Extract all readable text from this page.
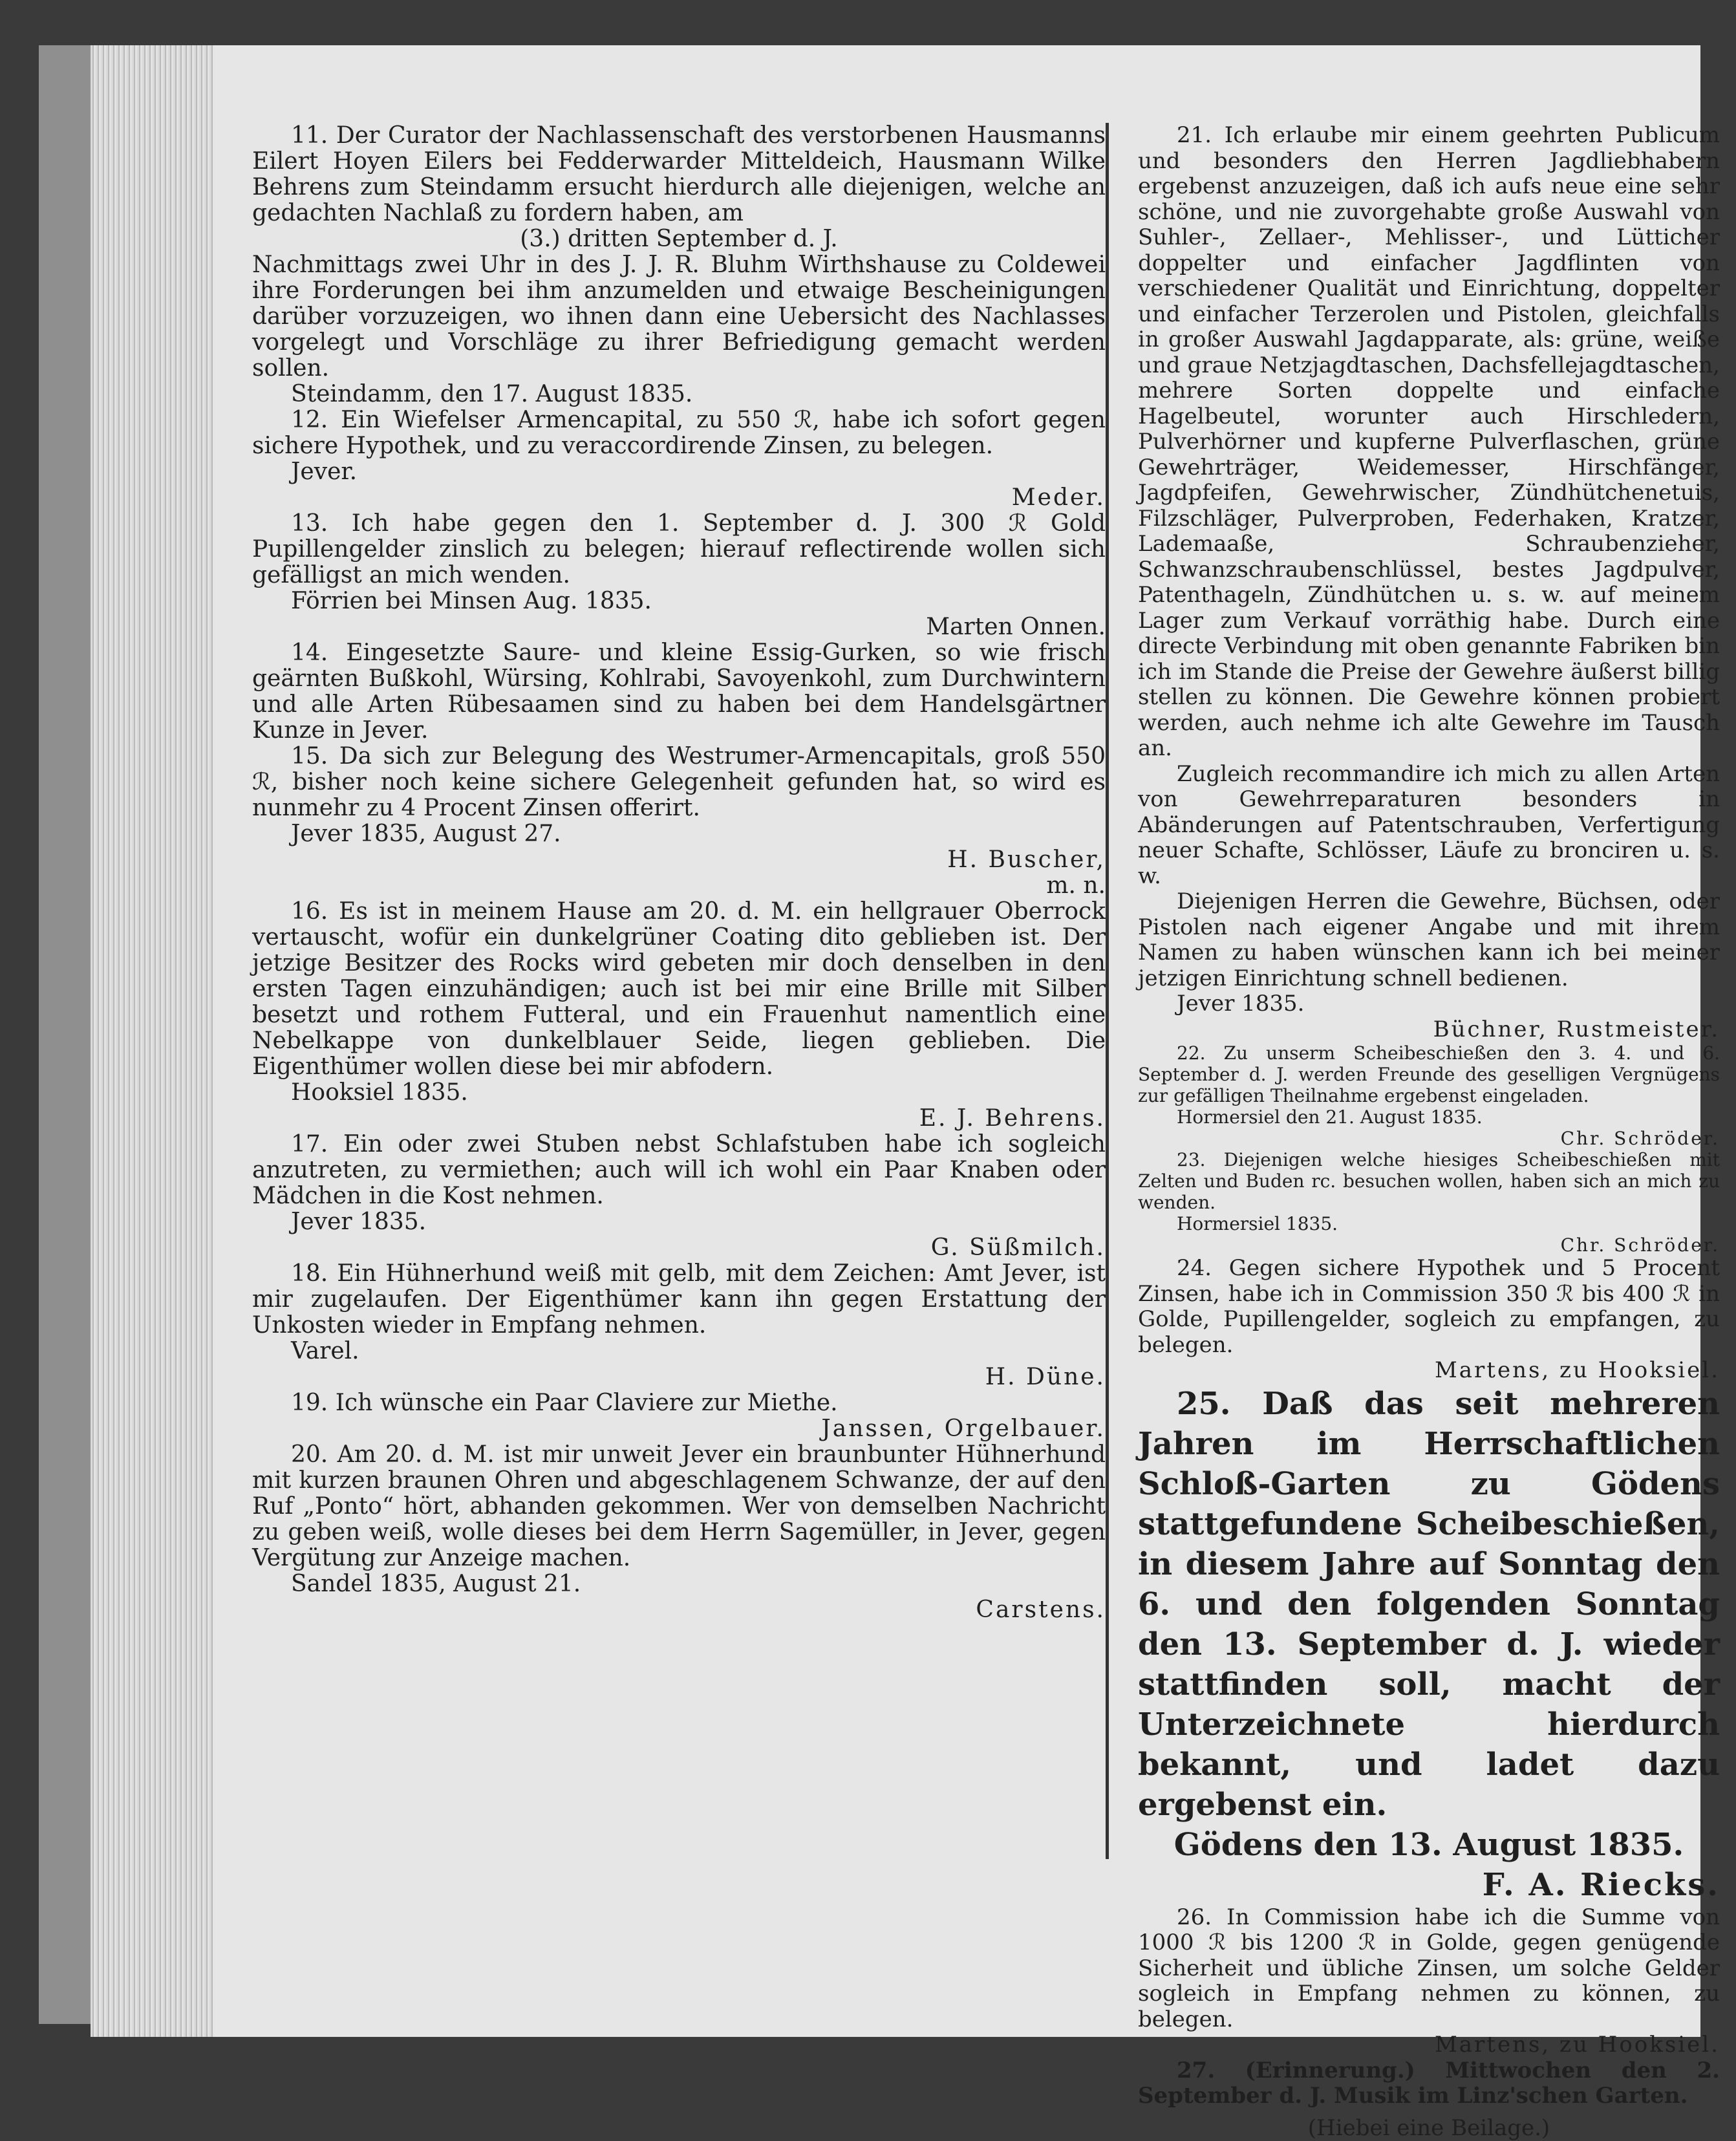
11. Der Curator der Nachlassenschaft des verstorbenen Hausmanns Eilert Hoyen Eilers bei Fedderwarder Mitteldeich, Hausmann Wilke Behrens zum Steindamm ersucht hierdurch alle diejenigen, welche an gedachten Nachlaß zu fordern haben, am

(3.) dritten September d. J.

Nachmittags zwei Uhr in des J. J. R. Bluhm Wirthshause zu Coldewei ihre Forderungen bei ihm anzumelden und etwaige Bescheinigungen darüber vorzuzeigen, wo ihnen dann eine Uebersicht des Nachlasses vorgelegt und Vorschläge zu ihrer Befriedigung gemacht werden sollen.

Steindamm, den 17. August 1835.

12. Ein Wiefelser Armencapital, zu 550 ℛ, habe ich sofort gegen sichere Hypothek, und zu veraccordirende Zinsen, zu belegen.

Jever.

Meder.

13. Ich habe gegen den 1. September d. J. 300 ℛ Gold Pupillengelder zinslich zu belegen; hierauf reflectirende wollen sich gefälligst an mich wenden.

Förrien bei Minsen Aug. 1835.

Marten Onnen.

14. Eingesetzte Saure- und kleine Essig-Gurken, so wie frisch geärnten Bußkohl, Würsing, Kohlrabi, Savoyenkohl, zum Durchwintern und alle Arten Rübesaamen sind zu haben bei dem Handelsgärtner Kunze in Jever.

15. Da sich zur Belegung des Westrumer-Armencapitals, groß 550 ℛ, bisher noch keine sichere Gelegenheit gefunden hat, so wird es nunmehr zu 4 Procent Zinsen offerirt.

Jever 1835, August 27.

H. Buscher,

m. n.

16. Es ist in meinem Hause am 20. d. M. ein hellgrauer Oberrock vertauscht, wofür ein dunkelgrüner Coating dito geblieben ist. Der jetzige Besitzer des Rocks wird gebeten mir doch denselben in den ersten Tagen einzuhändigen; auch ist bei mir eine Brille mit Silber besetzt und rothem Futteral, und ein Frauenhut namentlich eine Nebelkappe von dunkelblauer Seide, liegen geblieben. Die Eigenthümer wollen diese bei mir abfodern.

Hooksiel 1835.

E. J. Behrens.

17. Ein oder zwei Stuben nebst Schlafstuben habe ich sogleich anzutreten, zu vermiethen; auch will ich wohl ein Paar Knaben oder Mädchen in die Kost nehmen.

Jever 1835.

G. Süßmilch.

18. Ein Hühnerhund weiß mit gelb, mit dem Zeichen: Amt Jever, ist mir zugelaufen. Der Eigenthümer kann ihn gegen Erstattung der Unkosten wieder in Empfang nehmen.

Varel.

H. Düne.

19. Ich wünsche ein Paar Claviere zur Miethe.

Janssen, Orgelbauer.

20. Am 20. d. M. ist mir unweit Jever ein braunbunter Hühnerhund mit kurzen braunen Ohren und abgeschlagenem Schwanze, der auf den Ruf „Ponto“ hört, abhanden gekommen. Wer von demselben Nachricht zu geben weiß, wolle dieses bei dem Herrn Sagemüller, in Jever, gegen Vergütung zur Anzeige machen.

Sandel 1835, August 21.

Carstens.

21. Ich erlaube mir einem geehrten Publicum und besonders den Herren Jagdliebhabern ergebenst anzuzeigen, daß ich aufs neue eine sehr schöne, und nie zuvorgehabte große Auswahl von Suhler-, Zellaer-, Mehlisser-, und Lütticher doppelter und einfacher Jagdflinten von verschiedener Qualität und Einrichtung, doppelter und einfacher Terzerolen und Pistolen, gleichfalls in großer Auswahl Jagdapparate, als: grüne, weiße und graue Netzjagdtaschen, Dachsfellejagdtaschen, mehrere Sorten doppelte und einfache Hagelbeutel, worunter auch Hirschledern, Pulverhörner und kupferne Pulverflaschen, grüne Gewehrträger, Weidemesser, Hirschfänger, Jagdpfeifen, Gewehrwischer, Zündhütchenetuis, Filzschläger, Pulverproben, Federhaken, Kratzer, Lademaaße, Schraubenzieher, Schwanzschraubenschlüssel, bestes Jagdpulver, Patenthageln, Zündhütchen u. s. w. auf meinem Lager zum Verkauf vorräthig habe. Durch eine directe Verbindung mit oben genannte Fabriken bin ich im Stande die Preise der Gewehre äußerst billig stellen zu können. Die Gewehre können probiert werden, auch nehme ich alte Gewehre im Tausch an.

Zugleich recommandire ich mich zu allen Arten von Gewehrreparaturen besonders in Abänderungen auf Patentschrauben, Verfertigung neuer Schafte, Schlösser, Läufe zu bronciren u. s. w.

Diejenigen Herren die Gewehre, Büchsen, oder Pistolen nach eigener Angabe und mit ihrem Namen zu haben wünschen kann ich bei meiner jetzigen Einrichtung schnell bedienen.

Jever 1835.

Büchner, Rustmeister.

22. Zu unserm Scheibeschießen den 3. 4. und 6. September d. J. werden Freunde des geselligen Vergnügens zur gefälligen Theilnahme ergebenst eingeladen.

Hormersiel den 21. August 1835.

Chr. Schröder.

23. Diejenigen welche hiesiges Scheibeschießen mit Zelten und Buden rc. besuchen wollen, haben sich an mich zu wenden.

Hormersiel 1835.

Chr. Schröder.

24. Gegen sichere Hypothek und 5 Procent Zinsen, habe ich in Commission 350 ℛ bis 400 ℛ in Golde, Pupillengelder, sogleich zu empfangen, zu belegen.

Martens, zu Hooksiel.

25. Daß das seit mehreren Jahren im Herrschaftlichen Schloß-Garten zu Gödens stattgefundene Scheibeschießen, in diesem Jahre auf Sonntag den 6. und den folgenden Sonntag den 13. September d. J. wieder stattfinden soll, macht der Unterzeichnete hierdurch bekannt, und ladet dazu ergebenst ein.

Gödens den 13. August 1835.

F. A. Riecks.

26. In Commission habe ich die Summe von 1000 ℛ bis 1200 ℛ in Golde, gegen genügende Sicherheit und übliche Zinsen, um solche Gelder sogleich in Empfang nehmen zu können, zu belegen.

Martens, zu Hooksiel.

27. (Erinnerung.) Mittwochen den 2. September d. J. Musik im Linz'schen Garten.

(Hiebei eine Beilage.)
